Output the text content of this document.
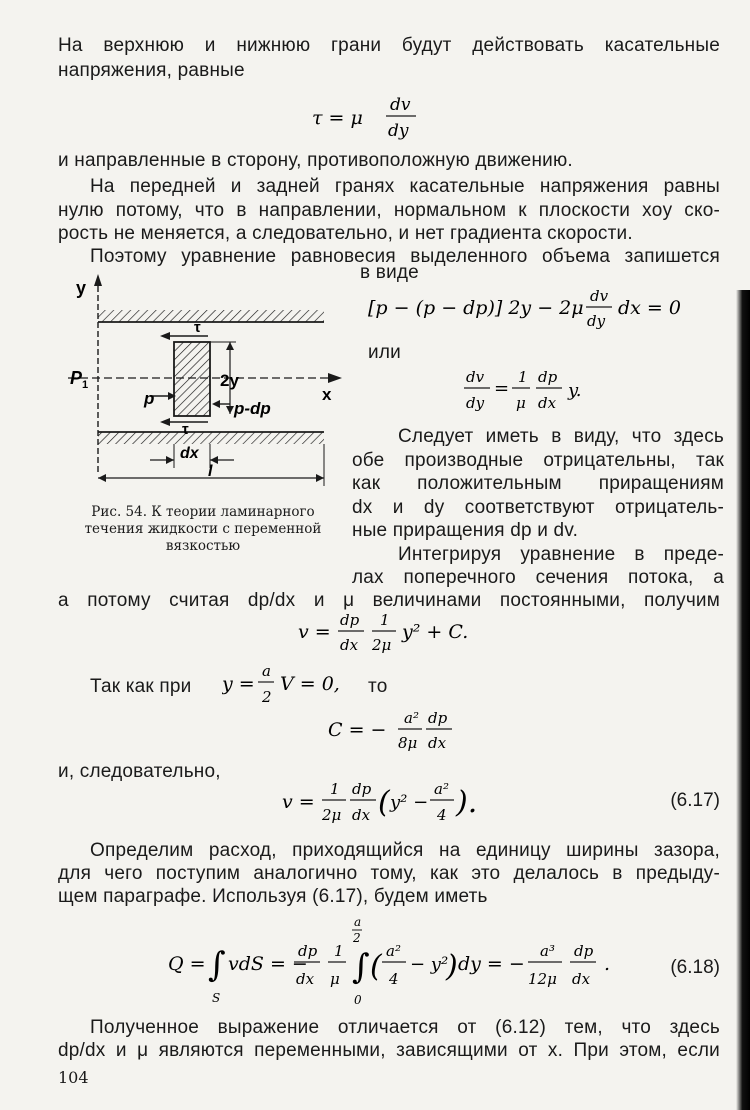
На верхнюю и нижнюю грани будут действовать касательные
напряжения, равные
τ = μ
dv
dy
и направленные в сторону, противоположную движению.
На передней и задней гранях касательные напряжения равны
нулю потому, что в направлении, нормальном к плоскости xoy ско-
рость не меняется, а следовательно, и нет градиента скорости.
Поэтому уравнение равновесия выделенного объема запишется
в виде
y
x
P 1
τ
τ
p
p-dp
2y
dx
l
Рис. 54. К теории ламинарного
течения жидкости с переменной
вязкостью
[p − (p − dp)] 2y − 2μ
dv
dy
dx = 0
или
dv
dy
=
1
μ
dp
dx
y.
Следует иметь в виду, что здесь
обе производные отрицательны, так
как положительным приращениям
dx и dy соответствуют отрицатель-
ные приращения dp и dv.
Интегрируя уравнение в преде-
лах поперечного сечения потока, а
а потому считая dp/dx и μ величинами постоянными, получим
v =
dp
dx
1
2μ
y² + C.
Так как при	y =
a
2
V = 0, то
C = −
a²
8μ
dp
dx
и, следовательно,
v =
1
2μ
dp
dx ( y² −
a²
4 ).	(6.17)
Определим расход, приходящийся на единицу ширины зазора,
для чего поступим аналогично тому, как это делалось в предыду-
щем параграфе. Используя (6.17), будем иметь
Q = ∫
S
vdS = −
dp
dx
1
μ
a
2
∫
0
( a²
4
− y²
) dy = −
a³
12μ
dp
dx
.	(6.18)
Полученное выражение отличается от (6.12) тем, что здесь
dp/dx и μ являются переменными, зависящими от x. При этом, если
104
